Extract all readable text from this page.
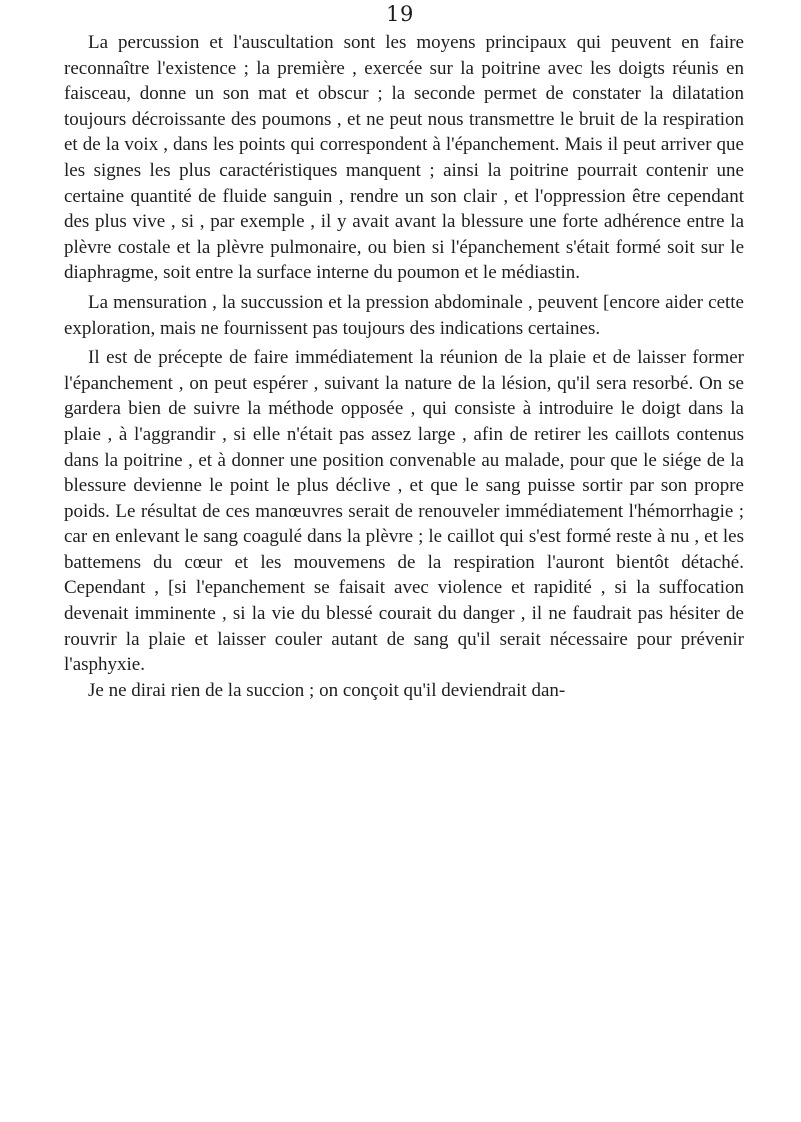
19

La percussion et l'auscultation sont les moyens principaux qui peuvent en faire reconnaître l'existence ; la première , exercée sur la poitrine avec les doigts réunis en faisceau, donne un son mat et obscur ; la seconde permet de constater la dilatation toujours décroissante des poumons , et ne peut nous transmettre le bruit de la respiration et de la voix , dans les points qui correspondent à l'épanchement. Mais il peut arriver que les signes les plus caractéristiques manquent ; ainsi la poitrine pourrait contenir une certaine quantité de fluide sanguin , rendre un son clair , et l'oppression être cependant des plus vive , si , par exemple , il y avait avant la blessure une forte adhérence entre la plèvre costale et la plèvre pulmonaire, ou bien si l'épanchement s'était formé soit sur le diaphragme, soit entre la surface interne du poumon et le médiastin.

La mensuration , la succussion et la pression abdominale , peuvent [encore aider cette exploration, mais ne fournissent pas toujours des indications certaines.

Il est de précepte de faire immédiatement la réunion de la plaie et de laisser former l'épanchement , on peut espérer , suivant la nature de la lésion, qu'il sera resorbé. On se gardera bien de suivre la méthode opposée , qui consiste à introduire le doigt dans la plaie , à l'aggrandir , si elle n'était pas assez large , afin de retirer les caillots contenus dans la poitrine , et à donner une position convenable au malade, pour que le siége de la blessure devienne le point le plus déclive , et que le sang puisse sortir par son propre poids. Le résultat de ces manœuvres serait de renouveler immédiatement l'hémorrhagie ; car en enlevant le sang coagulé dans la plèvre ; le caillot qui s'est formé reste à nu , et les battemens du cœur et les mouvemens de la respiration l'auront bientôt détaché. Cependant , [si l'epanchement se faisait avec violence et rapidité , si la suffocation devenait imminente , si la vie du blessé courait du danger , il ne faudrait pas hésiter de rouvrir la plaie et laisser couler autant de sang qu'il serait nécessaire pour prévenir l'asphyxie.

Je ne dirai rien de la succion ; on conçoit qu'il deviendrait dan-
